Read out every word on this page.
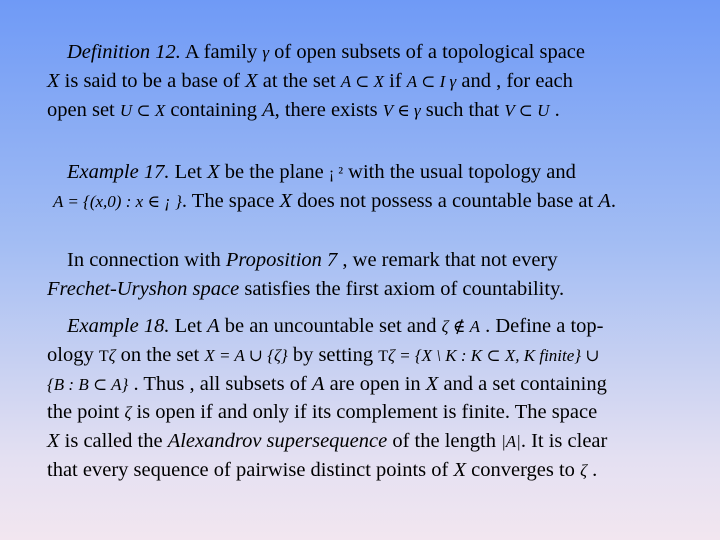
Definition 12. A family γ of open subsets of a topological space
X is said to be a base of X at the set A ⊂ X if A ⊂ I γ and , for each
open set U ⊂ X containing A, there exists V ∈ γ such that V ⊂ U .
Example 17. Let X be the plane ¡ ² with the usual topology and
A = {(x,0) : x ∈ ¡ }. The space X does not possess a countable base at A.
In connection with Proposition 7 , we remark that not every
Frechet-Uryshon space satisfies the first axiom of countability.
Example 18. Let A be an uncountable set and ζ ∉ A . Define a top-
ology Tζ on the set X = A ∪ {ζ} by setting Tζ = {X \ K : K ⊂ X, K finite} ∪
{B : B ⊂ A} . Thus , all subsets of A are open in X and a set containing
the point ζ is open if and only if its complement is finite. The space
X is called the Alexandrov supersequence of the length |A|. It is clear
that every sequence of pairwise distinct points of X converges to ζ .
